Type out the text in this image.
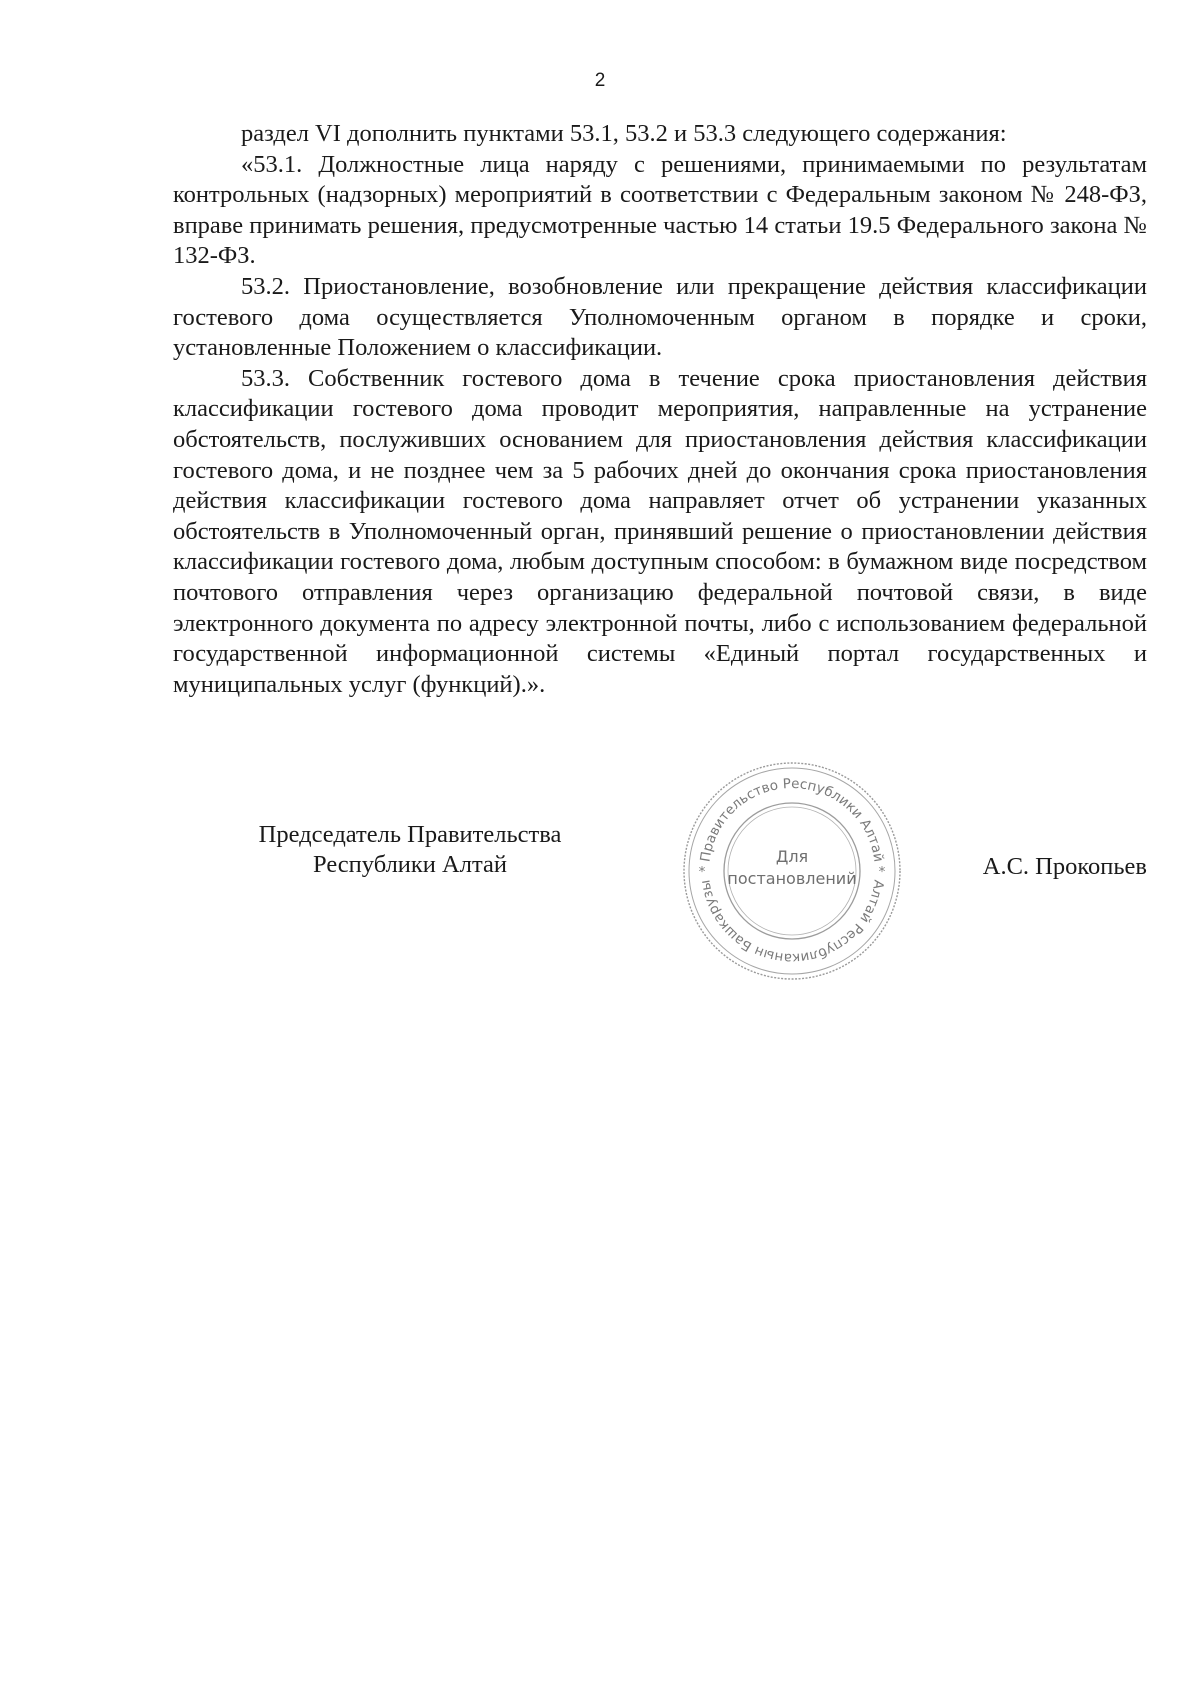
2

раздел VI дополнить пунктами 53.1, 53.2 и 53.3 следующего содержания:

«53.1. Должностные лица наряду с решениями, принимаемыми по результатам контрольных (надзорных) мероприятий в соответствии с Федеральным законом № 248-ФЗ, вправе принимать решения, предусмотренные частью 14 статьи 19.5 Федерального закона № 132-ФЗ.

53.2. Приостановление, возобновление или прекращение действия классификации гостевого дома осуществляется Уполномоченным органом в порядке и сроки, установленные Положением о классификации.

53.3. Собственник гостевого дома в течение срока приостановления действия классификации гостевого дома проводит мероприятия, направленные на устранение обстоятельств, послуживших основанием для приостановления действия классификации гостевого дома, и не позднее чем за 5 рабочих дней до окончания срока приостановления действия классификации гостевого дома направляет отчет об устранении указанных обстоятельств в Уполномоченный орган, принявший решение о приостановлении действия классификации гостевого дома, любым доступным способом: в бумажном виде посредством почтового отправления через организацию федеральной почтовой связи, в виде электронного документа по адресу электронной почты, либо с использованием федеральной государственной информационной системы «Единый портал государственных и муниципальных услуг (функций).».

Председатель Правительства
Республики Алтай	Правительство Республики Алтай
Алтай Республиканын Башкарузы
*	*
Для
постановлений	А.С. Прокопьев
